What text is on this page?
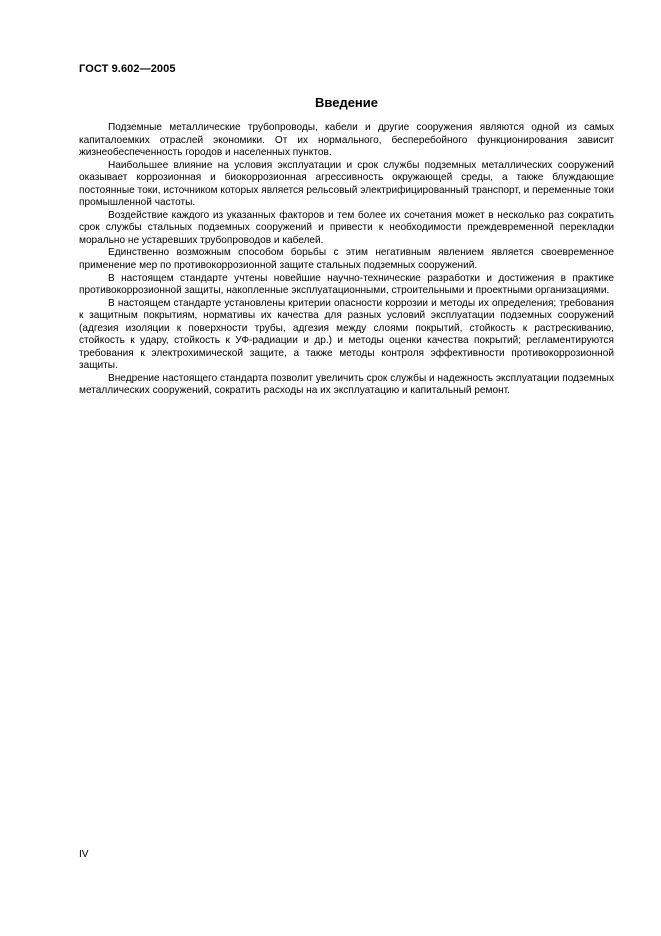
ГОСТ 9.602—2005
Введение

Подземные металлические трубопроводы, кабели и другие сооружения являются одной из самых капиталоемких отраслей экономики. От их нормального, бесперебойного функционирования зависит жизнеобеспеченность городов и населенных пунктов.

Наибольшее влияние на условия эксплуатации и срок службы подземных металлических сооружений оказывает коррозионная и биокоррозионная агрессивность окружающей среды, а также блуждающие постоянные токи, источником которых является рельсовый электрифицированный транспорт, и переменные токи промышленной частоты.

Воздействие каждого из указанных факторов и тем более их сочетания может в несколько раз сократить срок службы стальных подземных сооружений и привести к необходимости преждевременной перекладки морально не устаревших трубопроводов и кабелей.

Единственно возможным способом борьбы с этим негативным явлением является своевременное применение мер по противокоррозионной защите стальных подземных сооружений.

В настоящем стандарте учтены новейшие научно-технические разработки и достижения в практике противокоррозионной защиты, накопленные эксплуатационными, строительными и проектными организациями.

В настоящем стандарте установлены критерии опасности коррозии и методы их определения; требования к защитным покрытиям, нормативы их качества для разных условий эксплуатации подземных сооружений (адгезия изоляции к поверхности трубы, адгезия между слоями покрытий, стойкость к растрескиванию, стойкость к удару, стойкость к УФ-радиации и др.) и методы оценки качества покрытий; регламентируются требования к электрохимической защите, а также методы контроля эффективности противокоррозионной защиты.

Внедрение настоящего стандарта позволит увеличить срок службы и надежность эксплуатации подземных металлических сооружений, сократить расходы на их эксплуатацию и капитальный ремонт.

IV
